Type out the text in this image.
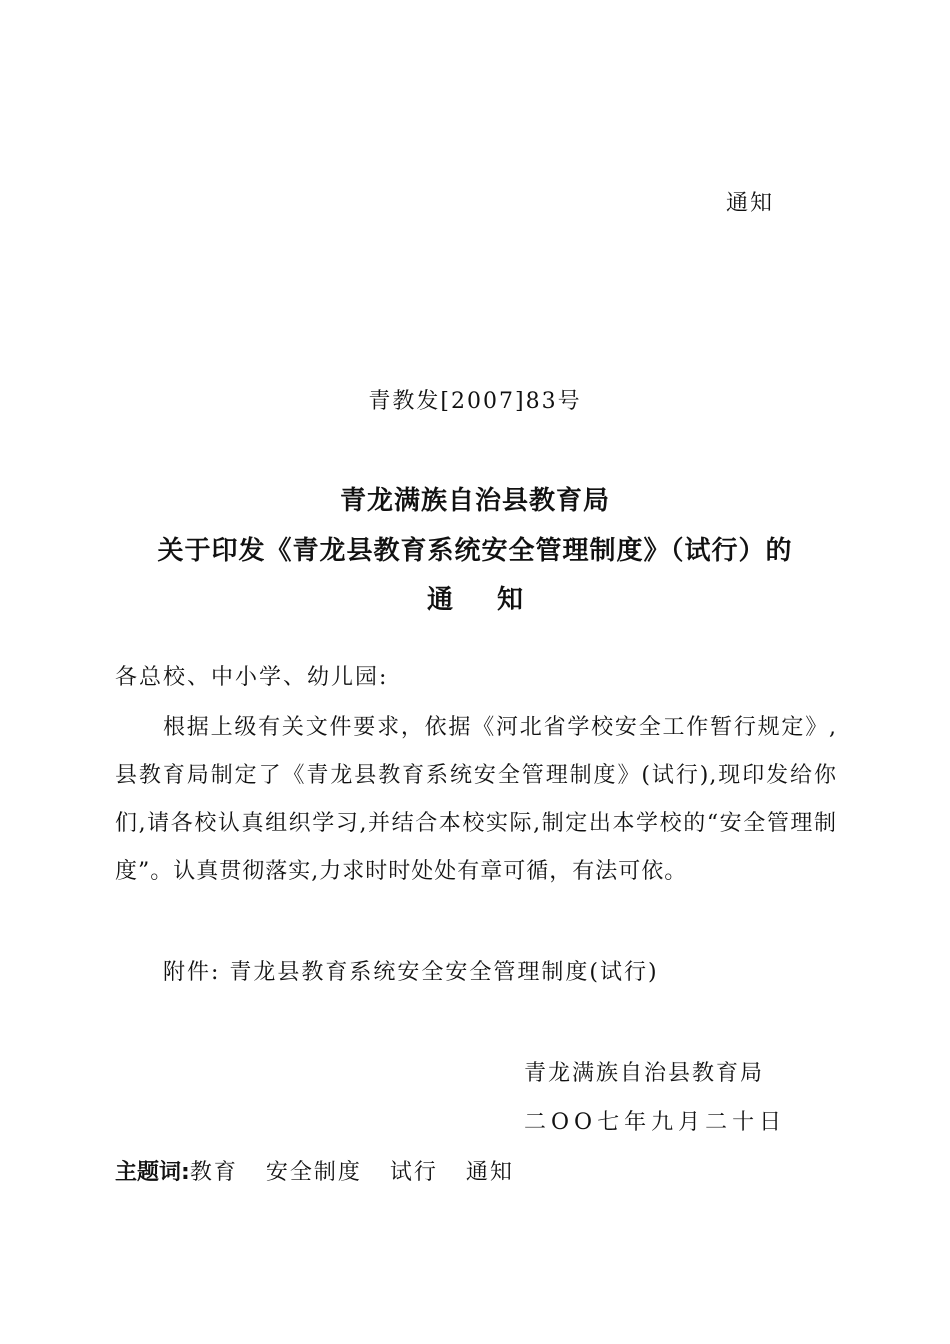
通知
青教发[2007]83号
青龙满族自治县教育局
关于印发《青龙县教育系统安全管理制度》（试行）的
通 知
各总校、中小学、幼儿园:
根据上级有关文件要求，依据《河北省学校安全工作暂行规定》,县教育局制定了《青龙县教育系统安全管理制度》(试行),现印发给你们,请各校认真组织学习,并结合本校实际,制定出本学校的“安全管理制度”。认真贯彻落实,力求时时处处有章可循，有法可依。
附件: 青龙县教育系统安全安全管理制度(试行)
青龙满族自治县教育局
二OO七年九月二十日
主题词:教育 安全制度 试行 通知
